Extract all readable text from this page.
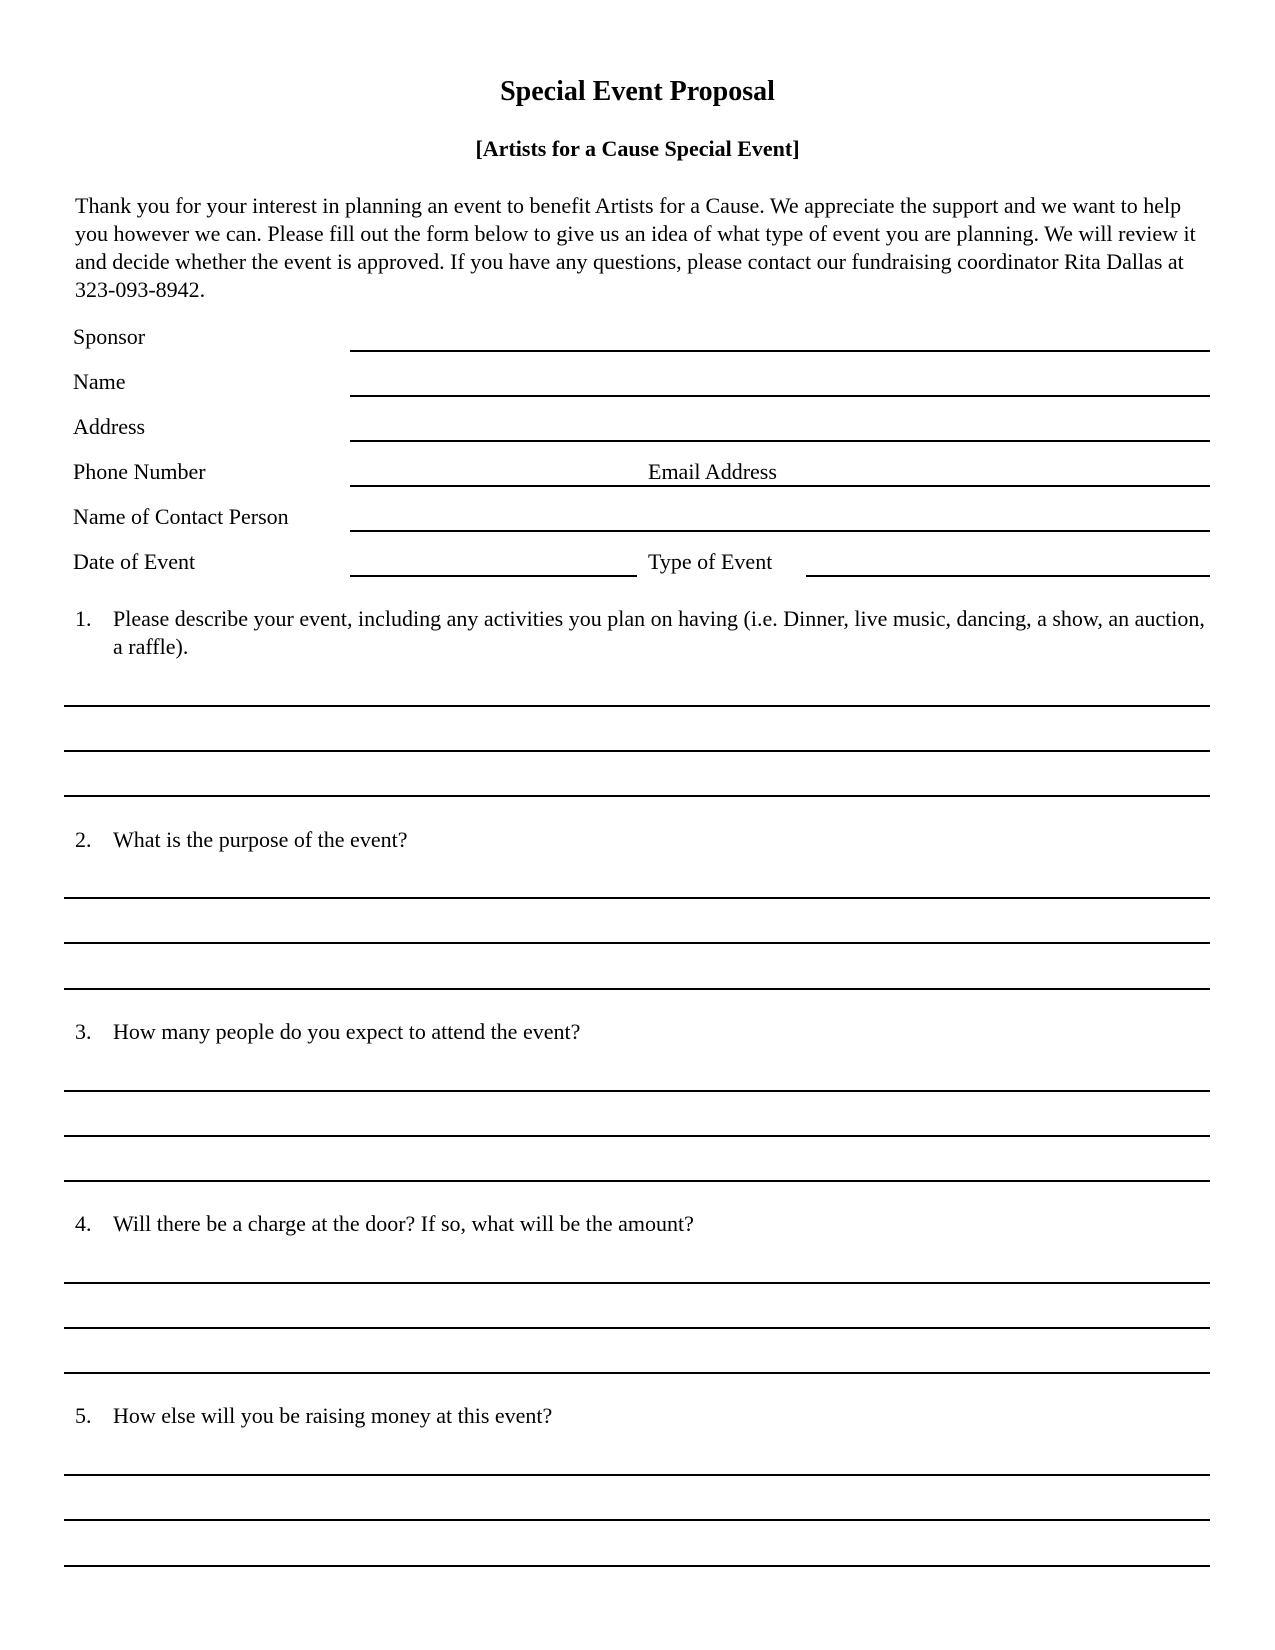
Special Event Proposal
[Artists for a Cause Special Event]
Thank you for your interest in planning an event to benefit Artists for a Cause. We appreciate the support and we want to help you however we can. Please fill out the form below to give us an idea of what type of event you are planning. We will review it and decide whether the event is approved. If you have any questions, please contact our fundraising coordinator Rita Dallas at 323-093-8942.
Sponsor
Name
Address
Phone Number	Email Address
Name of Contact Person
Date of Event	Type of Event
1. Please describe your event, including any activities you plan on having (i.e. Dinner, live music, dancing, a show, an auction, a raffle).
2. What is the purpose of the event?
3. How many people do you expect to attend the event?
4. Will there be a charge at the door? If so, what will be the amount?
5. How else will you be raising money at this event?
